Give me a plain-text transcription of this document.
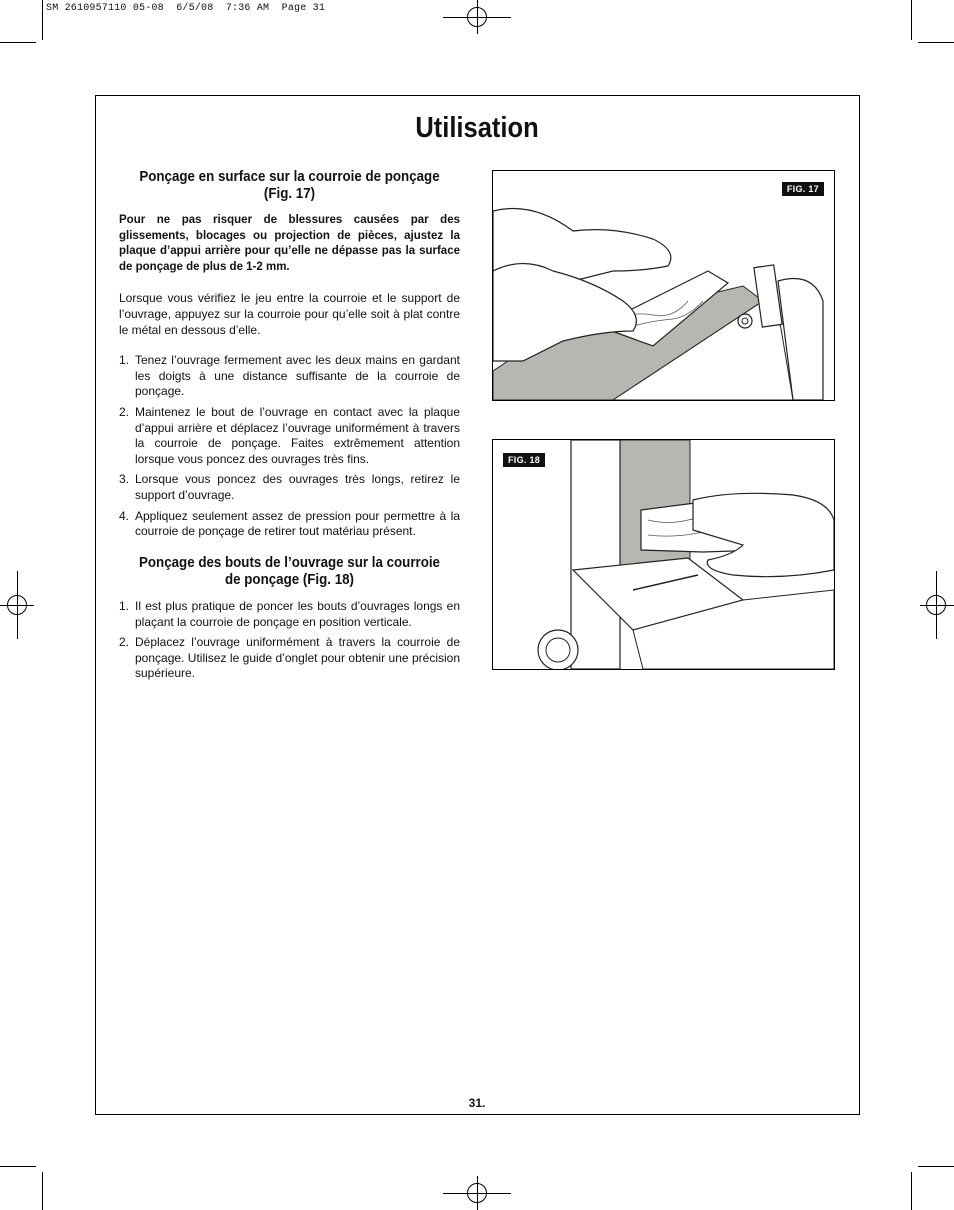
SM 2610957110 05-08  6/5/08  7:36 AM  Page 31
Utilisation
Ponçage en surface sur la courroie de ponçage (Fig. 17)

Pour ne pas risquer de blessures causées par des glissements, blocages ou projection de pièces, ajustez la plaque d’appui arrière pour qu’elle ne dépasse pas la surface de ponçage de plus de 1-2 mm.

Lorsque vous vérifiez le jeu entre la courroie et le support de l’ouvrage, appuyez sur la courroie pour qu’elle soit à plat contre le métal en dessous d’elle.

1. Tenez l’ouvrage fermement avec les deux mains en gardant les doigts à une distance suffisante de la courroie de ponçage.
2. Maintenez le bout de l’ouvrage en contact avec la plaque d’appui arrière et déplacez l’ouvrage uniformément à travers la courroie de ponçage. Faites extrêmement attention lorsque vous poncez des ouvrages très fins.
3. Lorsque vous poncez des ouvrages très longs, retirez le support d’ouvrage.
4. Appliquez seulement assez de pression pour permettre à la courroie de ponçage de retirer tout matériau présent.
Ponçage des bouts de l’ouvrage sur la courroie de ponçage (Fig. 18)
1. Il est plus pratique de poncer les bouts d’ouvrages longs en plaçant la courroie de ponçage en position verticale.
2. Déplacez l’ouvrage uniformément à travers la courroie de ponçage. Utilisez le guide d’onglet pour obtenir une précision supérieure.
FIG. 17
FIG. 18
31.
